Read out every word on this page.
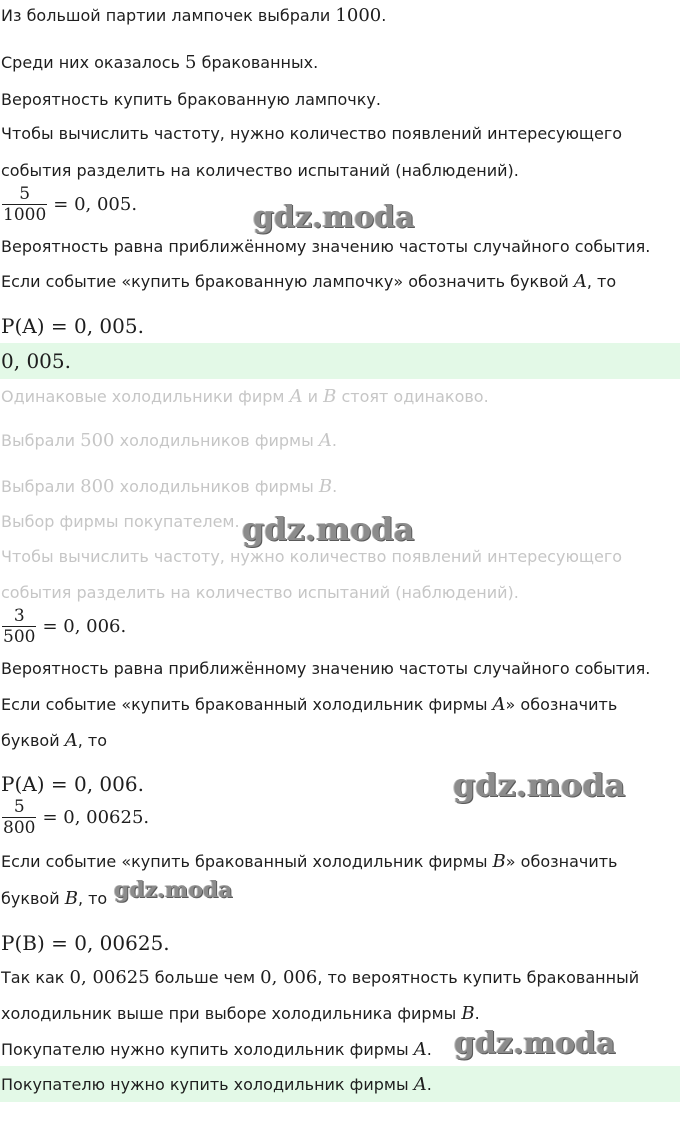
Из большой партии лампочек выбрали 1000.
Среди них оказалось 5 бракованных.
Вероятность купить бракованную лампочку.
Чтобы вычислить частоту, нужно количество появлений интересующего
события разделить на количество испытаний (наблюдений).
5
1000 = 0, 005.
Вероятность равна приближённому значению частоты случайного события.
Если событие «купить бракованную лампочку» обозначить буквой A, то
P(A) = 0, 005.
0, 005.
Одинаковые холодильники фирм A и B стоят одинаково.
Выбрали 500 холодильников фирмы A.
Выбрали 800 холодильников фирмы B.
Выбор фирмы покупателем.
Чтобы вычислить частоту, нужно количество появлений интересующего
события разделить на количество испытаний (наблюдений).
3
500 = 0, 006.
Вероятность равна приближённому значению частоты случайного события.
Если событие «купить бракованный холодильник фирмы A» обозначить
буквой A, то
P(A) = 0, 006.
5
800 = 0, 00625.
Если событие «купить бракованный холодильник фирмы B» обозначить
буквой B, то
P(B) = 0, 00625.
Так как 0, 00625 больше чем 0, 006, то вероятность купить бракованный
холодильник выше при выборе холодильника фирмы B.
Покупателю нужно купить холодильник фирмы A.
Покупателю нужно купить холодильник фирмы A.
gdz.moda
gdz.moda
gdz.moda
gdz.moda
gdz.moda
